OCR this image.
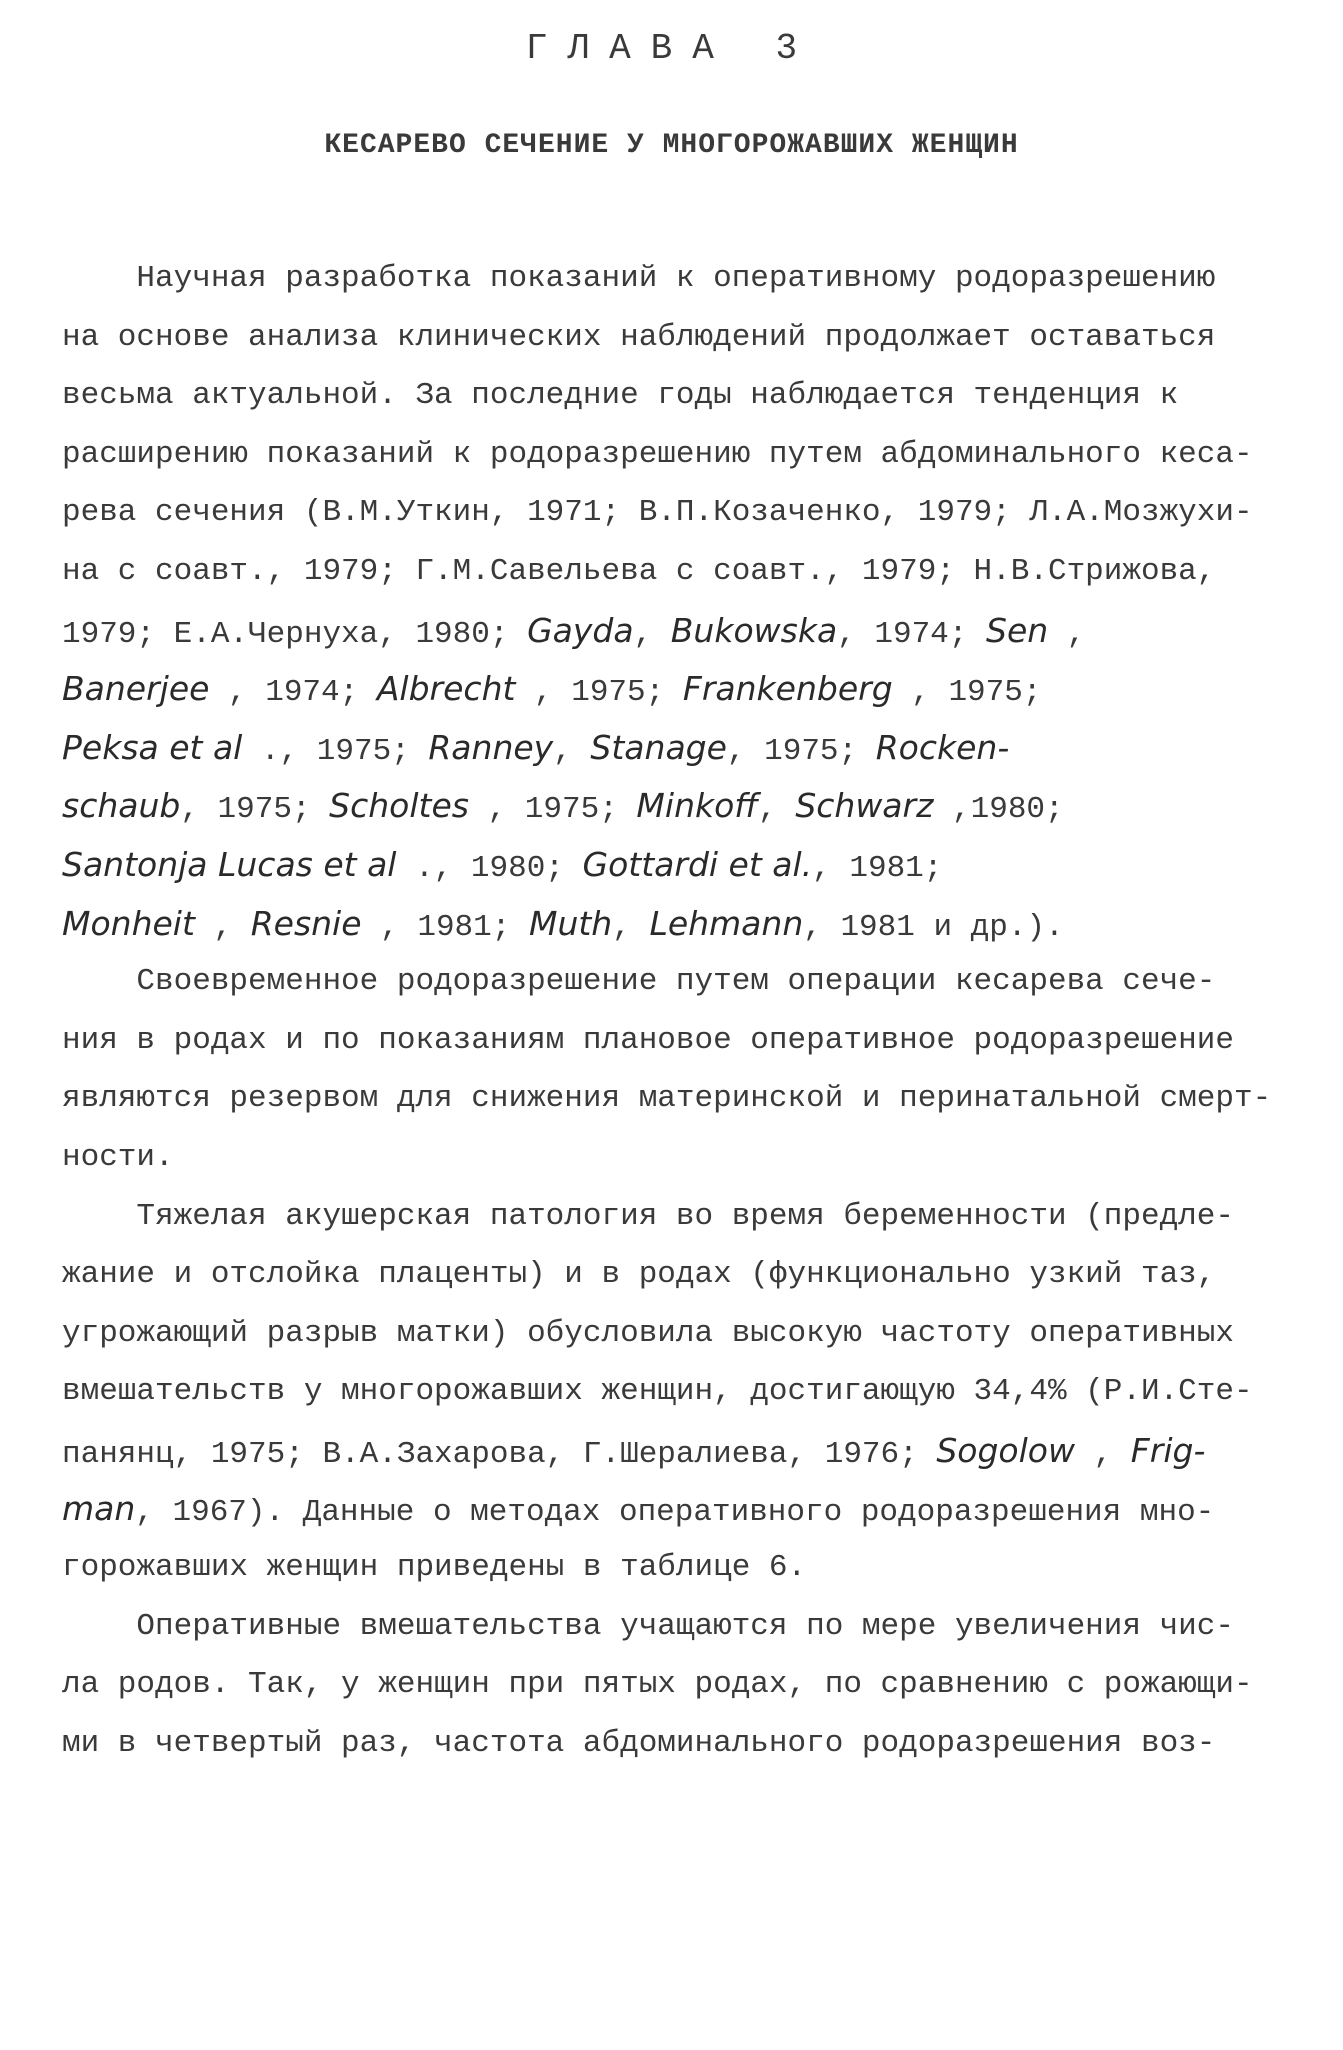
ГЛАВА 3
КЕСАРЕВО СЕЧЕНИЕ У МНОГОРОЖАВШИХ ЖЕНЩИН
Научная разработка показаний к оперативному родоразрешению
на основе анализа клинических наблюдений продолжает оставаться
весьма актуальной. За последние годы наблюдается тенденция к
расширению показаний к родоразрешению путем абдоминального кеса-
рева сечения (В.М.Уткин, 1971; В.П.Козаченко, 1979; Л.А.Мозжухи-
на с соавт., 1979; Г.М.Савельева с соавт., 1979; Н.В.Стрижова,
1979; Е.А.Чернуха, 1980; Gayda, Bukowska, 1974; Sen ,
Banerjee , 1974; Albrecht , 1975; Frankenberg , 1975;
Peksa et al ., 1975; Ranney, Stanage, 1975; Rocken-
schaub, 1975; Scholtes , 1975; Minkoff, Schwarz ,1980;
Santonja Lucas et al ., 1980; Gottardi et al., 1981;
Monheit , Resnie , 1981; Muth, Lehmann, 1981 и др.).
Своевременное родоразрешение путем операции кесарева сече-
ния в родах и по показаниям плановое оперативное родоразрешение
являются резервом для снижения материнской и перинатальной смерт-
ности.
Тяжелая акушерская патология во время беременности (предле-
жание и отслойка плаценты) и в родах (функционально узкий таз,
угрожающий разрыв матки) обусловила высокую частоту оперативных
вмешательств у многорожавших женщин, достигающую 34,4% (Р.И.Сте-
панянц, 1975; В.А.Захарова, Г.Шералиева, 1976; Sogolow , Frig-
man, 1967). Данные о методах оперативного родоразрешения мно-
горожавших женщин приведены в таблице 6.
Оперативные вмешательства учащаются по мере увеличения чис-
ла родов. Так, у женщин при пятых родах, по сравнению с рожающи-
ми в четвертый раз, частота абдоминального родоразрешения воз-
